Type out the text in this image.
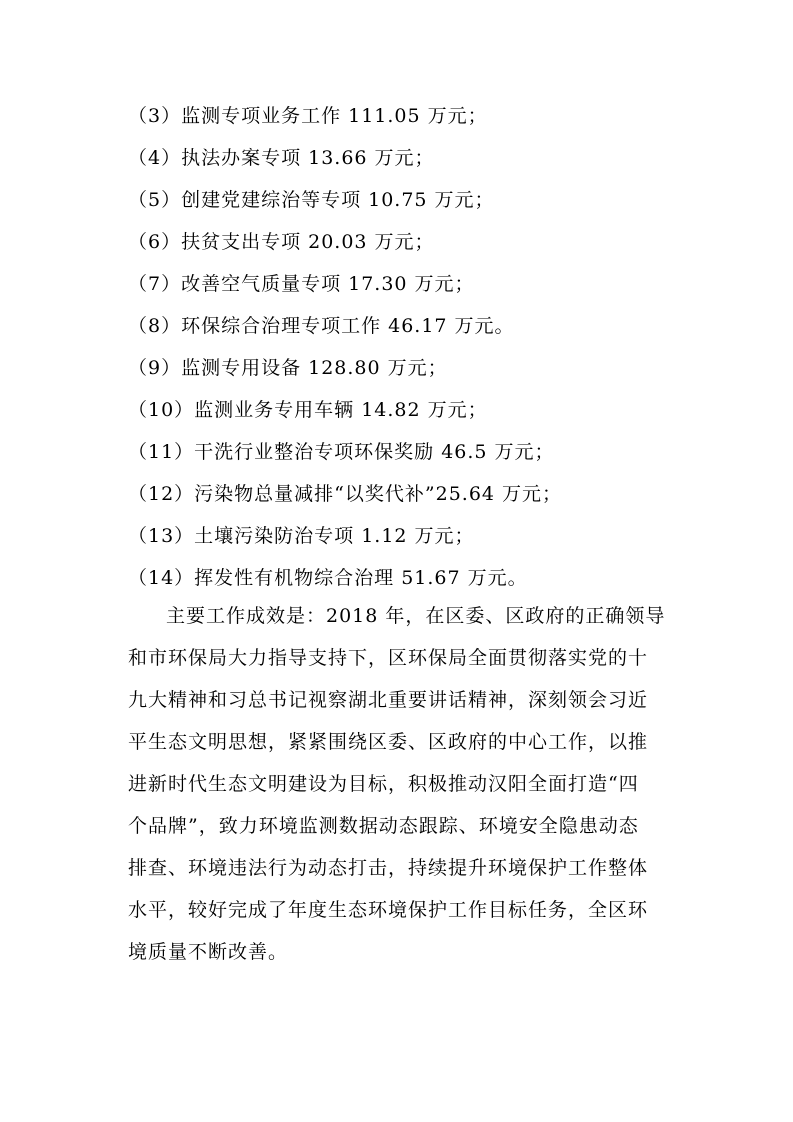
（3）监测专项业务工作 111.05 万元；
（4）执法办案专项 13.66 万元；
（5）创建党建综治等专项 10.75 万元；
（6）扶贫支出专项 20.03 万元；
（7）改善空气质量专项 17.30 万元；
（8）环保综合治理专项工作 46.17 万元。
（9）监测专用设备 128.80 万元；
（10）监测业务专用车辆 14.82 万元；
（11）干洗行业整治专项环保奖励 46.5 万元；
（12）污染物总量减排“以奖代补”25.64 万元；
（13）土壤污染防治专项 1.12 万元；
（14）挥发性有机物综合治理 51.67 万元。
主要工作成效是：2018 年，在区委、区政府的正确领导
和市环保局大力指导支持下，区环保局全面贯彻落实党的十
九大精神和习总书记视察湖北重要讲话精神，深刻领会习近
平生态文明思想，紧紧围绕区委、区政府的中心工作，以推
进新时代生态文明建设为目标，积极推动汉阳全面打造“四
个品牌”，致力环境监测数据动态跟踪、环境安全隐患动态
排查、环境违法行为动态打击，持续提升环境保护工作整体
水平，较好完成了年度生态环境保护工作目标任务，全区环
境质量不断改善。
